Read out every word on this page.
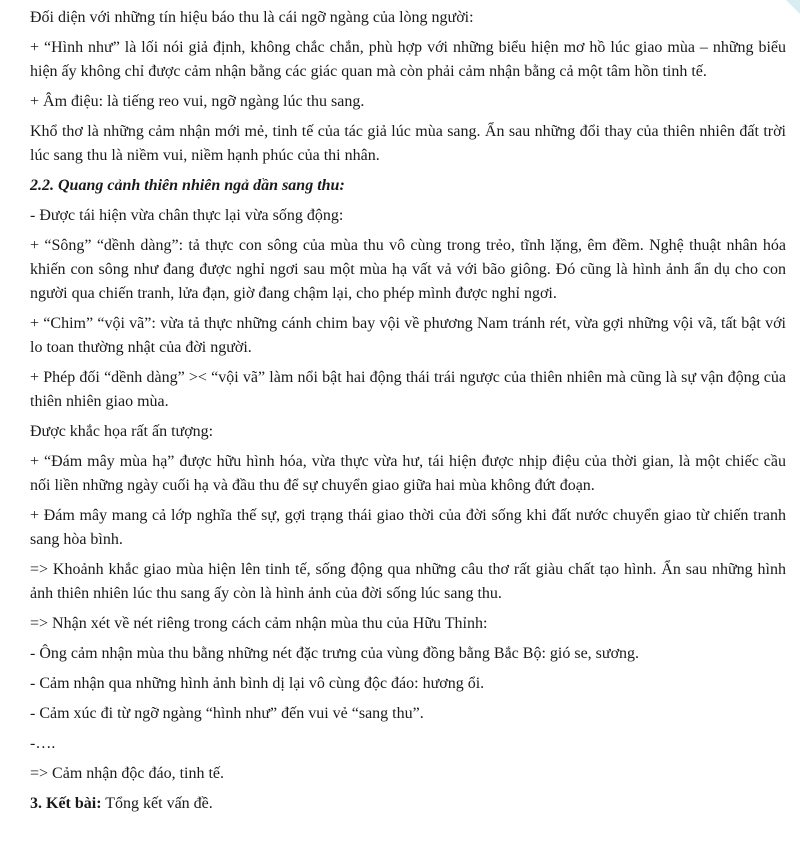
Đối diện với những tín hiệu báo thu là cái ngỡ ngàng của lòng người:

+ “Hình như” là lối nói giả định, không chắc chắn, phù hợp với những biểu hiện mơ hồ lúc giao mùa – những biểu hiện ấy không chỉ được cảm nhận bằng các giác quan mà còn phải cảm nhận bằng cả một tâm hồn tinh tế.

+ Âm điệu: là tiếng reo vui, ngỡ ngàng lúc thu sang.

Khổ thơ là những cảm nhận mới mẻ, tinh tế của tác giả lúc mùa sang. Ẩn sau những đổi thay của thiên nhiên đất trời lúc sang thu là niềm vui, niềm hạnh phúc của thi nhân.

2.2. Quang cảnh thiên nhiên ngả dần sang thu:

- Được tái hiện vừa chân thực lại vừa sống động:

+ “Sông” “dềnh dàng”: tả thực con sông của mùa thu vô cùng trong trẻo, tĩnh lặng, êm đềm. Nghệ thuật nhân hóa khiến con sông như đang được nghỉ ngơi sau một mùa hạ vất vả với bão giông. Đó cũng là hình ảnh ẩn dụ cho con người qua chiến tranh, lửa đạn, giờ đang chậm lại, cho phép mình được nghỉ ngơi.

+ “Chim” “vội vã”: vừa tả thực những cánh chim bay vội về phương Nam tránh rét, vừa gợi những vội vã, tất bật với lo toan thường nhật của đời người.

+ Phép đối “dềnh dàng” >< “vội vã” làm nổi bật hai động thái trái ngược của thiên nhiên mà cũng là sự vận động của thiên nhiên giao mùa.

Được khắc họa rất ấn tượng:

+ “Đám mây mùa hạ” được hữu hình hóa, vừa thực vừa hư, tái hiện được nhịp điệu của thời gian, là một chiếc cầu nối liền những ngày cuối hạ và đầu thu để sự chuyển giao giữa hai mùa không đứt đoạn.

+ Đám mây mang cả lớp nghĩa thế sự, gợi trạng thái giao thời của đời sống khi đất nước chuyển giao từ chiến tranh sang hòa bình.

=> Khoảnh khắc giao mùa hiện lên tinh tế, sống động qua những câu thơ rất giàu chất tạo hình. Ẩn sau những hình ảnh thiên nhiên lúc thu sang ấy còn là hình ảnh của đời sống lúc sang thu.

=> Nhận xét về nét riêng trong cách cảm nhận mùa thu của Hữu Thỉnh:

- Ông cảm nhận mùa thu bằng những nét đặc trưng của vùng đồng bằng Bắc Bộ: gió se, sương.

- Cảm nhận qua những hình ảnh bình dị lại vô cùng độc đáo: hương ổi.

- Cảm xúc đi từ ngỡ ngàng “hình như” đến vui vẻ “sang thu”.

-….

=> Cảm nhận độc đáo, tinh tế.

3. Kết bài: Tổng kết vấn đề.
